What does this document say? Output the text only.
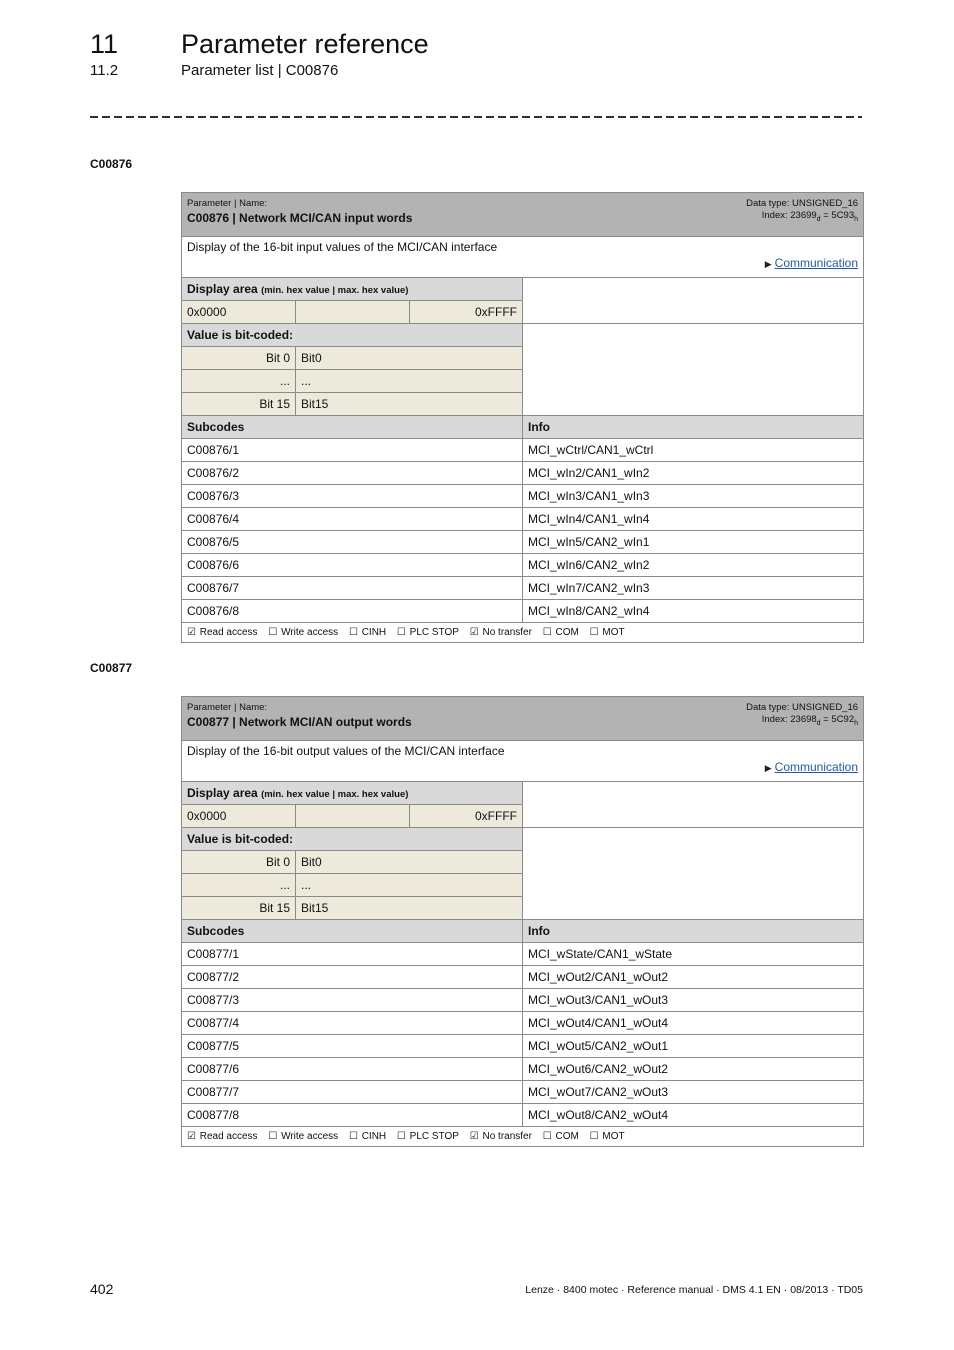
11 Parameter reference
11.2	Parameter list | C00876
C00876
Data type: UNSIGNED_16
Index: $23699_d = 5C93_h$
Parameter | Name:
C00876 | Network MCI/CAN input words			

Display of the 16-bit input values of the MCI/CAN interface
▶ Communication			

Display area (min. hex value | max. hex value)			
0x0000		0xFFFF	
Value is bit-coded:			
Bit 0	Bit0		
...	...		
Bit 15	Bit15		
Subcodes			Info
C00876/1			MCI_wCtrl/CAN1_wCtrl
C00876/2			MCI_wIn2/CAN1_wIn2
C00876/3			MCI_wIn3/CAN1_wIn3
C00876/4			MCI_wIn4/CAN1_wIn4
C00876/5			MCI_wIn5/CAN2_wIn1
C00876/6			MCI_wIn6/CAN2_wIn2
C00876/7			MCI_wIn7/CAN2_wIn3
C00876/8			MCI_wIn8/CAN2_wIn4
☑ Read access ☐ Write access ☐ CINH ☐ PLC STOP ☑ No transfer ☐ COM ☐ MOT			
C00877
Data type: UNSIGNED_16
Index: $23698_d = 5C92_h$
Parameter | Name:
C00877 | Network MCI/AN output words			

Display of the 16-bit output values of the MCI/CAN interface
▶ Communication			

Display area (min. hex value | max. hex value)			
0x0000		0xFFFF	
Value is bit-coded:			
Bit 0	Bit0		
...	...		
Bit 15	Bit15		
Subcodes			Info
C00877/1			MCI_wState/CAN1_wState
C00877/2			MCI_wOut2/CAN1_wOut2
C00877/3			MCI_wOut3/CAN1_wOut3
C00877/4			MCI_wOut4/CAN1_wOut4
C00877/5			MCI_wOut5/CAN2_wOut1
C00877/6			MCI_wOut6/CAN2_wOut2
C00877/7			MCI_wOut7/CAN2_wOut3
C00877/8			MCI_wOut8/CAN2_wOut4
☑ Read access ☐ Write access ☐ CINH ☐ PLC STOP ☑ No transfer ☐ COM ☐ MOT			
402	Lenze · 8400 motec · Reference manual · DMS 4.1 EN · 08/2013 · TD05
